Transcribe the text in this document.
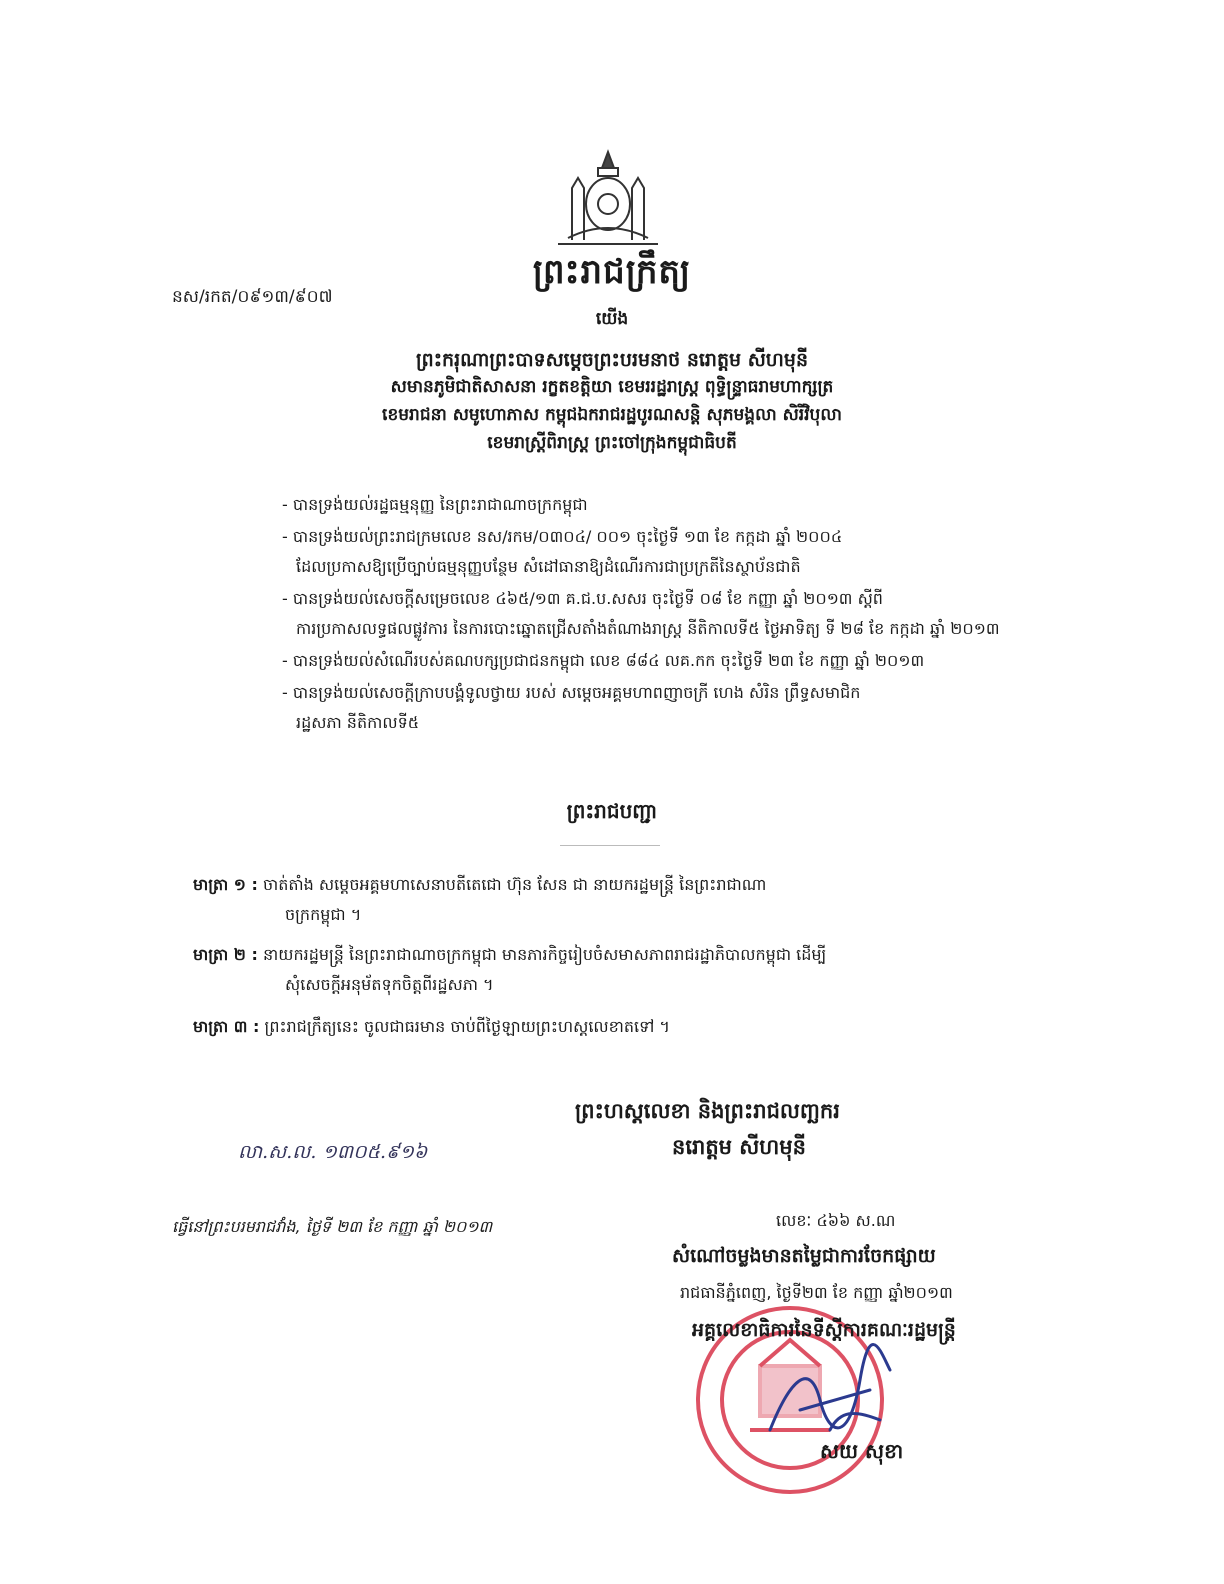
ព្រះរាជក្រឹត្យ
នស/រកត/០៩១៣/៩០៧
យើង
ព្រះករុណាព្រះបាទសម្តេចព្រះបរមនាថ នរោត្តម សីហមុនី
សមានភូមិជាតិសាសនា រក្ខតខត្តិយា ខេមររដ្ឋរាស្ត្រ ពុទ្ធិន្ទ្រាធរាមហាក្សត្រ
ខេមរាជនា សមូហោភាស កម្ពុជឯករាជរដ្ឋបូរណសន្តិ សុភមង្គលា សិរីវិបុលា
ខេមរាស្ត្រីពិរាស្ត្រ ព្រះចៅក្រុងកម្ពុជាធិបតី
- បានទ្រង់យល់រដ្ឋធម្មនុញ្ញ នៃព្រះរាជាណាចក្រកម្ពុជា
- បានទ្រង់យល់ព្រះរាជក្រមលេខ នស/រកម/០៣០៤/ ០០១ ចុះថ្ងៃទី ១៣ ខែ កក្កដា ឆ្នាំ ២០០៤
ដែលប្រកាសឱ្យប្រើច្បាប់ធម្មនុញ្ញបន្ថែម សំដៅធានាឱ្យដំណើរការជាប្រក្រតីនៃស្ថាប័នជាតិ
- បានទ្រង់យល់សេចក្តីសម្រេចលេខ ៤៦៥/១៣ គ.ជ.ប.សសរ ចុះថ្ងៃទី ០៨ ខែ កញ្ញា ឆ្នាំ ២០១៣ ស្តីពី
ការប្រកាសលទ្ធផលផ្លូវការ នៃការបោះឆ្នោតជ្រើសតាំងតំណាងរាស្ត្រ នីតិកាលទី៥ ថ្ងៃអាទិត្យ ទី ២៨ ខែ កក្កដា ឆ្នាំ ២០១៣
- បានទ្រង់យល់សំណើរបស់គណបក្សប្រជាជនកម្ពុជា លេខ ៨៨៤ លគ.កក ចុះថ្ងៃទី ២៣ ខែ កញ្ញា ឆ្នាំ ២០១៣
- បានទ្រង់យល់សេចក្តីក្រាបបង្គំទូលថ្វាយ របស់ សម្តេចអគ្គមហាពញាចក្រី ហេង សំរិន ព្រឹទ្ធសមាជិក
រដ្ឋសភា នីតិកាលទី៥
ព្រះរាជបញ្ជា
មាត្រា ១ : ចាត់តាំង សម្តេចអគ្គមហាសេនាបតីតេជោ ហ៊ុន សែន ជា នាយករដ្ឋមន្ត្រី នៃព្រះរាជាណា
ចក្រកម្ពុជា ។
មាត្រា ២ : នាយករដ្ឋមន្ត្រី នៃព្រះរាជាណាចក្រកម្ពុជា មានភារកិច្ចរៀបចំសមាសភាពរាជរដ្ឋាភិបាលកម្ពុជា ដើម្បី
សុំសេចក្តីអនុម័តទុកចិត្តពីរដ្ឋសភា ។
មាត្រា ៣ : ព្រះរាជក្រឹត្យនេះ ចូលជាធរមាន ចាប់ពីថ្ងៃឡាយព្រះហស្តលេខាតទៅ ។
ព្រះហស្តលេខា និងព្រះរាជលញ្ឆករ
នរោត្តម សីហមុនី
លា.ស.ល. ១៣០៥.៩១៦
ធ្វើនៅព្រះបរមរាជវាំង, ថ្ងៃទី ២៣ ខែ កញ្ញា ឆ្នាំ ២០១៣	លេខៈ ៤៦៦ ស.ណ
សំណៅចម្លងមានតម្លៃជាការចែកផ្សាយ
រាជធានីភ្នំពេញ, ថ្ងៃទី២៣ ខែ កញ្ញា ឆ្នាំ២០១៣
អគ្គលេខាធិការនៃទីស្តីការគណៈរដ្ឋមន្ត្រី
សយ សុខា
